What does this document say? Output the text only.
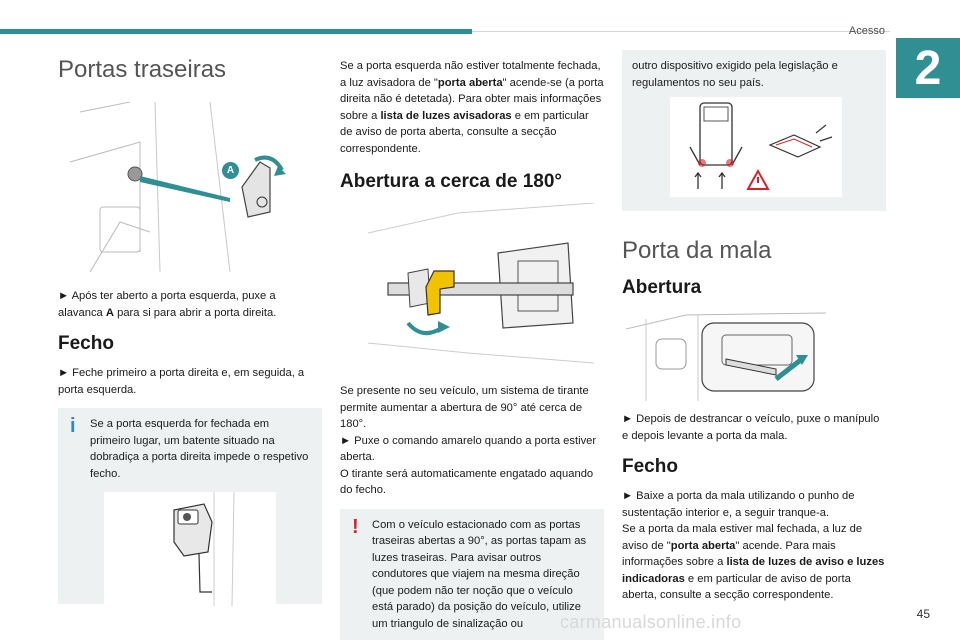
Acesso
2
Portas traseiras
A
► Após ter aberto a porta esquerda, puxe a alavanca A para si para abrir a porta direita.
Fecho
► Feche primeiro a porta direita e, em seguida, a porta esquerda.
i Se a porta esquerda for fechada em primeiro lugar, um batente situado na dobradiça a porta direita impede o respetivo fecho.
Se a porta esquerda não estiver totalmente fechada, a luz avisadora de "porta aberta" acende-se (a porta direita não é detetada). Para obter mais informações sobre a lista de luzes avisadoras e em particular de aviso de porta aberta, consulte a secção correspondente.
Abertura a cerca de 180°
Se presente no seu veículo, um sistema de tirante permite aumentar a abertura de 90° até cerca de 180°.
► Puxe o comando amarelo quando a porta estiver aberta.
O tirante será automaticamente engatado aquando do fecho.
! Com o veículo estacionado com as portas traseiras abertas a 90°, as portas tapam as luzes traseiras. Para avisar outros condutores que viajem na mesma direção (que podem não ter noção que o veículo está parado) da posição do veículo, utilize um triangulo de sinalização ou
outro dispositivo exigido pela legislação e regulamentos no seu país.
Porta da mala
Abertura
► Depois de destrancar o veículo, puxe o manípulo e depois levante a porta da mala.
Fecho
► Baixe a porta da mala utilizando o punho de sustentação interior e, a seguir tranque-a.
Se a porta da mala estiver mal fechada, a luz de aviso de "porta aberta" acende. Para mais informações sobre a lista de luzes de aviso e luzes indicadoras e em particular de aviso de porta aberta, consulte a secção correspondente.
carmanualsonline.info	45
